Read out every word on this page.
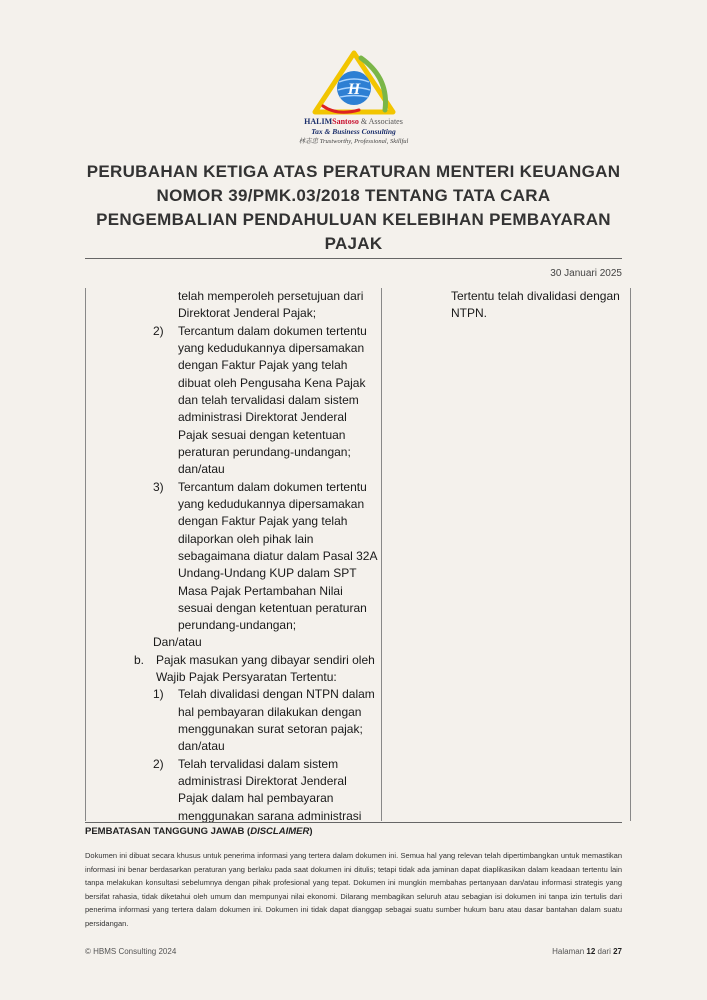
H
HALIMSantoso & Associates
Tax & Business Consulting
林志忠 Trustworthy, Professional, Skillful
PERUBAHAN KETIGA ATAS PERATURAN MENTERI KEUANGAN
NOMOR 39/PMK.03/2018 TENTANG TATA CARA
PENGEMBALIAN PENDAHULUAN KELEBIHAN PEMBAYARAN
PAJAK
30 Januari 2025
telah memperoleh persetujuan dari
Direktorat Jenderal Pajak;
2) Tercantum dalam dokumen tertentu
yang kedudukannya dipersamakan
dengan Faktur Pajak yang telah
dibuat oleh Pengusaha Kena Pajak
dan telah tervalidasi dalam sistem
administrasi Direktorat Jenderal
Pajak sesuai dengan ketentuan
peraturan perundang-undangan;
dan/atau
3) Tercantum dalam dokumen tertentu
yang kedudukannya dipersamakan
dengan Faktur Pajak yang telah
dilaporkan oleh pihak lain
sebagaimana diatur dalam Pasal 32A
Undang-Undang KUP dalam SPT
Masa Pajak Pertambahan Nilai
sesuai dengan ketentuan peraturan
perundang-undangan;
Dan/atau
b. Pajak masukan yang dibayar sendiri oleh
Wajib Pajak Persyaratan Tertentu:
1) Telah divalidasi dengan NTPN dalam
hal pembayaran dilakukan dengan
menggunakan surat setoran pajak;
dan/atau
2) Telah tervalidasi dalam sistem
administrasi Direktorat Jenderal
Pajak dalam hal pembayaran
menggunakan sarana administrasi
Tertentu telah divalidasi dengan
NTPN.
PEMBATASAN TANGGUNG JAWAB (DISCLAIMER)
Dokumen ini dibuat secara khusus untuk penerima informasi yang tertera dalam dokumen ini. Semua hal yang relevan telah dipertimbangkan untuk memastikan informasi ini benar berdasarkan peraturan yang berlaku pada saat dokumen ini ditulis; tetapi tidak ada jaminan dapat diaplikasikan dalam keadaan tertentu lain tanpa melakukan konsultasi sebelumnya dengan pihak profesional yang tepat. Dokumen ini mungkin membahas pertanyaan dan/atau informasi strategis yang bersifat rahasia, tidak diketahui oleh umum dan mempunyai nilai ekonomi. Dilarang membagikan seluruh atau sebagian isi dokumen ini tanpa izin tertulis dari penerima informasi yang tertera dalam dokumen ini. Dokumen ini tidak dapat dianggap sebagai suatu sumber hukum baru atau dasar bantahan dalam suatu persidangan.
© HBMS Consulting 2024	Halaman 12 dari 27
